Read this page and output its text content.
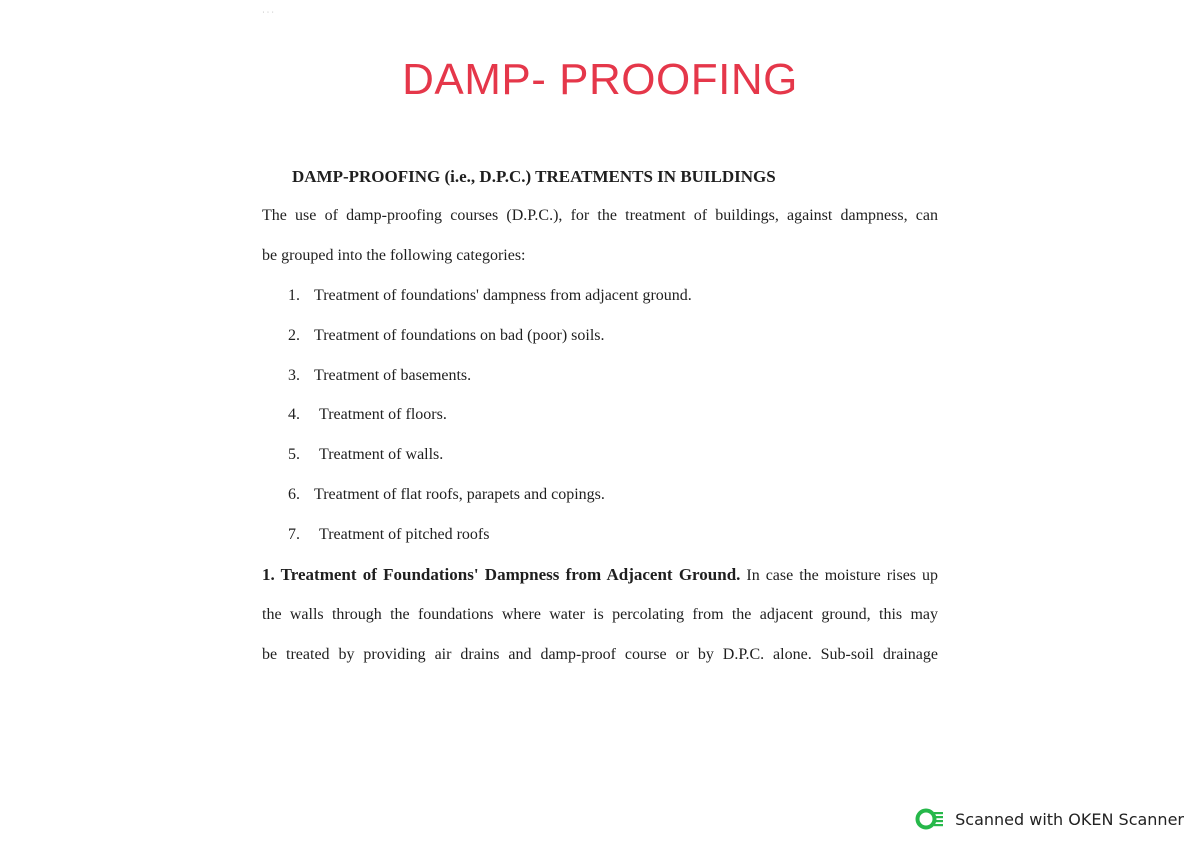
˙ ˙ ˙
DAMP- PROOFING
DAMP-PROOFING (i.e., D.P.C.) TREATMENTS IN BUILDINGS
The use of damp-proofing courses (D.P.C.), for the treatment of buildings, against dampness, can
be grouped into the following categories:
1. Treatment of foundations' dampness from adjacent ground.
2. Treatment of foundations on bad (poor) soils.
3. Treatment of basements.
4. Treatment of floors.
5. Treatment of walls.
6. Treatment of flat roofs, parapets and copings.
7. Treatment of pitched roofs
1. Treatment of Foundations' Dampness from Adjacent Ground. In case the moisture rises up
the walls through the foundations where water is percolating from the adjacent ground, this may
be treated by providing air drains and damp-proof course or by D.P.C. alone. Sub-soil drainage
Scanned with OKEN Scanner
